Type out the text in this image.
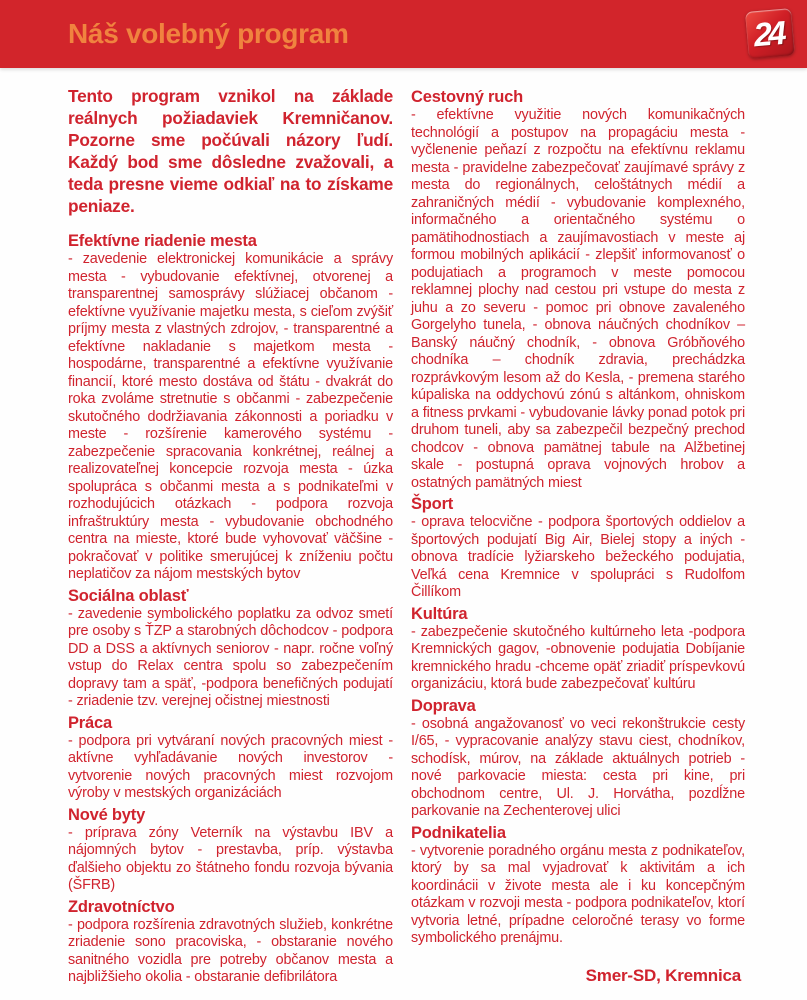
Náš volebný program	24

Tento program vznikol na základe reálnych požiadaviek Kremničanov. Pozorne sme počúvali názory ľudí. Každý bod sme dôsledne zvažovali, a teda presne vieme odkiaľ na to získame peniaze.

Efektívne riadenie mesta

- zavedenie elektronickej komunikácie a správy mesta - vybudovanie efektívnej, otvorenej a transparentnej samosprávy slúžiacej občanom - efektívne využívanie majetku mesta, s cieľom zvýšiť príjmy mesta z vlastných zdrojov, - transparentné a efektívne nakladanie s majetkom mesta - hospodárne, transparentné a efektívne využívanie financií, ktoré mesto dostáva od štátu - dvakrát do roka zvoláme stretnutie s občanmi - zabezpečenie skutočného dodržiavania zákonnosti a poriadku v meste - rozšírenie kamerového systému - zabezpečenie spracovania konkrétnej, reálnej a realizovateľnej koncepcie rozvoja mesta - úzka spolupráca s občanmi mesta a s podnikateľmi v rozhodujúcich otázkach - podpora rozvoja infraštruktúry mesta - vybudovanie obchodného centra na mieste, ktoré bude vyhovovať väčšine - pokračovať v politike smerujúcej k zníženiu počtu neplatičov za nájom mestských bytov

Sociálna oblasť

- zavedenie symbolického poplatku za odvoz smetí pre osoby s ŤZP a starobných dôchodcov - podpora DD a DSS a aktívnych seniorov - napr. ročne voľný vstup do Relax centra spolu so zabezpečením dopravy tam a späť, -podpora benefičných podujatí - zriadenie tzv. verejnej očistnej miestnosti

Práca

- podpora pri vytváraní nových pracovných miest - aktívne vyhľadávanie nových investorov - vytvorenie nových pracovných miest rozvojom výroby v mestských organizáciách

Nové byty

- príprava zóny Veterník na výstavbu IBV a nájomných bytov - prestavba, príp. výstavba ďalšieho objektu zo štátneho fondu rozvoja bývania (ŠFRB)

Zdravotníctvo

- podpora rozšírenia zdravotných služieb, konkrétne zriadenie sono pracoviska, - obstaranie nového sanitného vozidla pre potreby občanov mesta a najbližšieho okolia - obstaranie defibrilátora

Cestovný ruch

- efektívne využitie nových komunikačných technológií a postupov na propagáciu mesta - vyčlenenie peňazí z rozpočtu na efektívnu reklamu mesta - pravidelne zabezpečovať zaujímavé správy z mesta do regionálnych, celoštátnych médií a zahraničných médií - vybudovanie komplexného, informačného a orientačného systému o pamätihodnostiach a zaujímavostiach v meste aj formou mobilných aplikácií - zlepšiť informovanosť o podujatiach a programoch v meste pomocou reklamnej plochy nad cestou pri vstupe do mesta z juhu a zo severu - pomoc pri obnove zavaleného Gorgelyho tunela, - obnova náučných chodníkov – Banský náučný chodník, - obnova Gróbňového chodníka – chodník zdravia, prechádzka rozprávkovým lesom až do Kesla, - premena starého kúpaliska na oddychovú zónú s altánkom, ohniskom a fitness prvkami - vybudovanie lávky ponad potok pri druhom tuneli, aby sa zabezpečil bezpečný prechod chodcov - obnova pamätnej tabule na Alžbetinej skale - postupná oprava vojnových hrobov a ostatných pamätných miest

Šport

- oprava telocvične - podpora športových oddielov a športových podujatí Big Air, Bielej stopy a iných - obnova tradície lyžiarskeho bežeckého podujatia, Veľká cena Kremnice v spolupráci s Rudolfom Čillíkom

Kultúra

- zabezpečenie skutočného kultúrneho leta -podpora Kremnických gagov, -obnovenie podujatia Dobíjanie kremnického hradu -chceme opäť zriadiť príspevkovú organizáciu, ktorá bude zabezpečovať kultúru

Doprava

- osobná angažovanosť vo veci rekonštrukcie cesty I/65, - vypracovanie analýzy stavu ciest, chodníkov, schodísk, múrov, na základe aktuálnych potrieb - nové parkovacie miesta: cesta pri kine, pri obchodnom centre, Ul. J. Horvátha, pozdĺžne parkovanie na Zechenterovej ulici

Podnikatelia

- vytvorenie poradného orgánu mesta z podnikateľov, ktorý by sa mal vyjadrovať k aktivitám a ich koordinácii v živote mesta ale i ku koncepčným otázkam v rozvoji mesta - podpora podnikateľov, ktorí vytvoria letné, prípadne celoročné terasy vo forme symbolického prenájmu.

Smer-SD, Kremnica
